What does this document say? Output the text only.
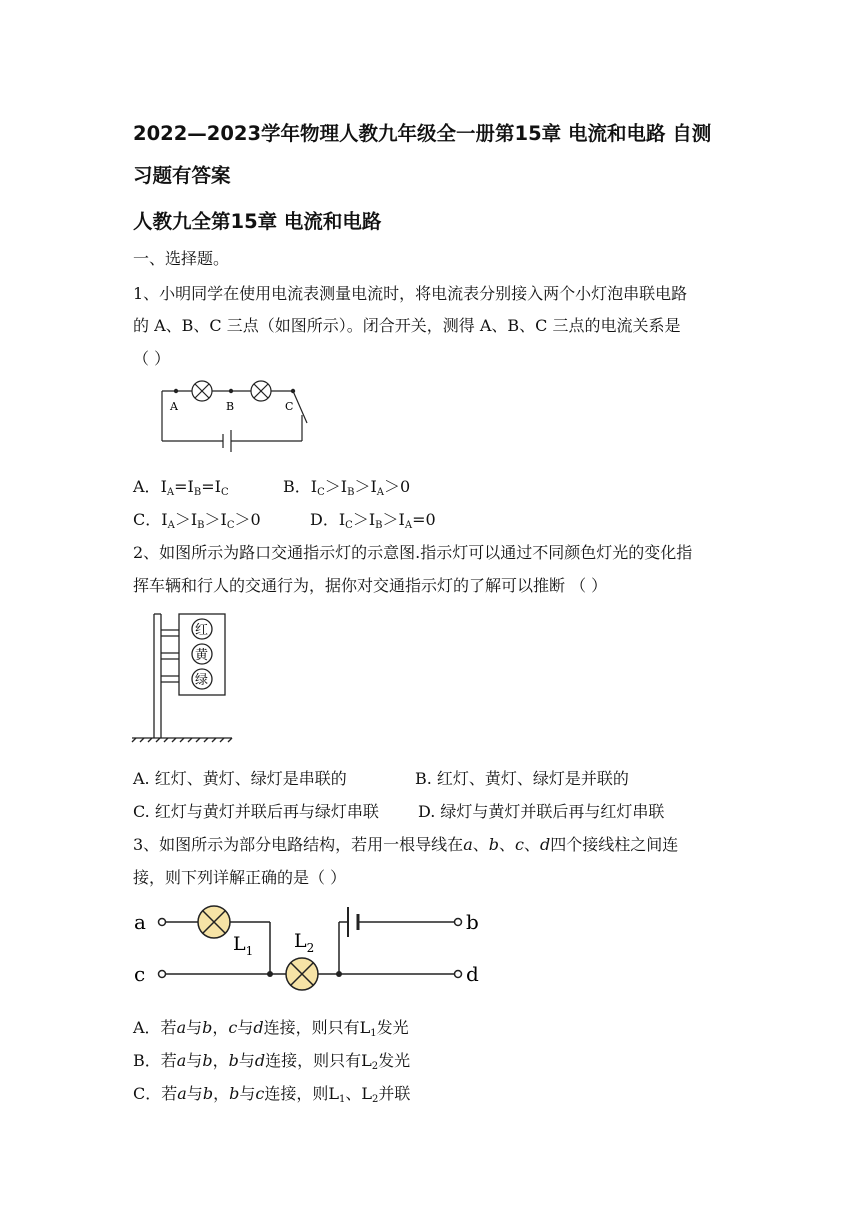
2022—2023学年物理人教九年级全一册第15章 电流和电路 自测
习题有答案
人教九全第15章 电流和电路
一、选择题。
1、小明同学在使用电流表测量电流时，将电流表分别接入两个小灯泡串联电路
的 A、B、C 三点（如图所示）。闭合开关，测得 A、B、C 三点的电流关系是
（ ）
A	B	C
A．$I_A=I_B=I_C$	B．$I_C>I_B>I_A>0$
C．$I_A>I_B>I_C>0$	D．$I_C>I_B>I_A=0$
2、如图所示为路口交通指示灯的示意图.指示灯可以通过不同颜色灯光的变化指
挥车辆和行人的交通行为，据你对交通指示灯的了解可以推断 （ ）
红
黄
绿
A. 红灯、黄灯、绿灯是串联的	B. 红灯、黄灯、绿灯是并联的
C. 红灯与黄灯并联后再与绿灯串联 D. 绿灯与黄灯并联后再与红灯串联
3、如图所示为部分电路结构，若用一根导线在a、b、c、d四个接线柱之间连
接，则下列详解正确的是（ ）
a
c
b
d
$L_1$ $L_2$
A．若a与b，c与d连接，则只有$L_1$发光
B．若a与b，b与d连接，则只有$L_2$发光
C．若a与b，b与c连接，则$L_1$、$L_2$并联
